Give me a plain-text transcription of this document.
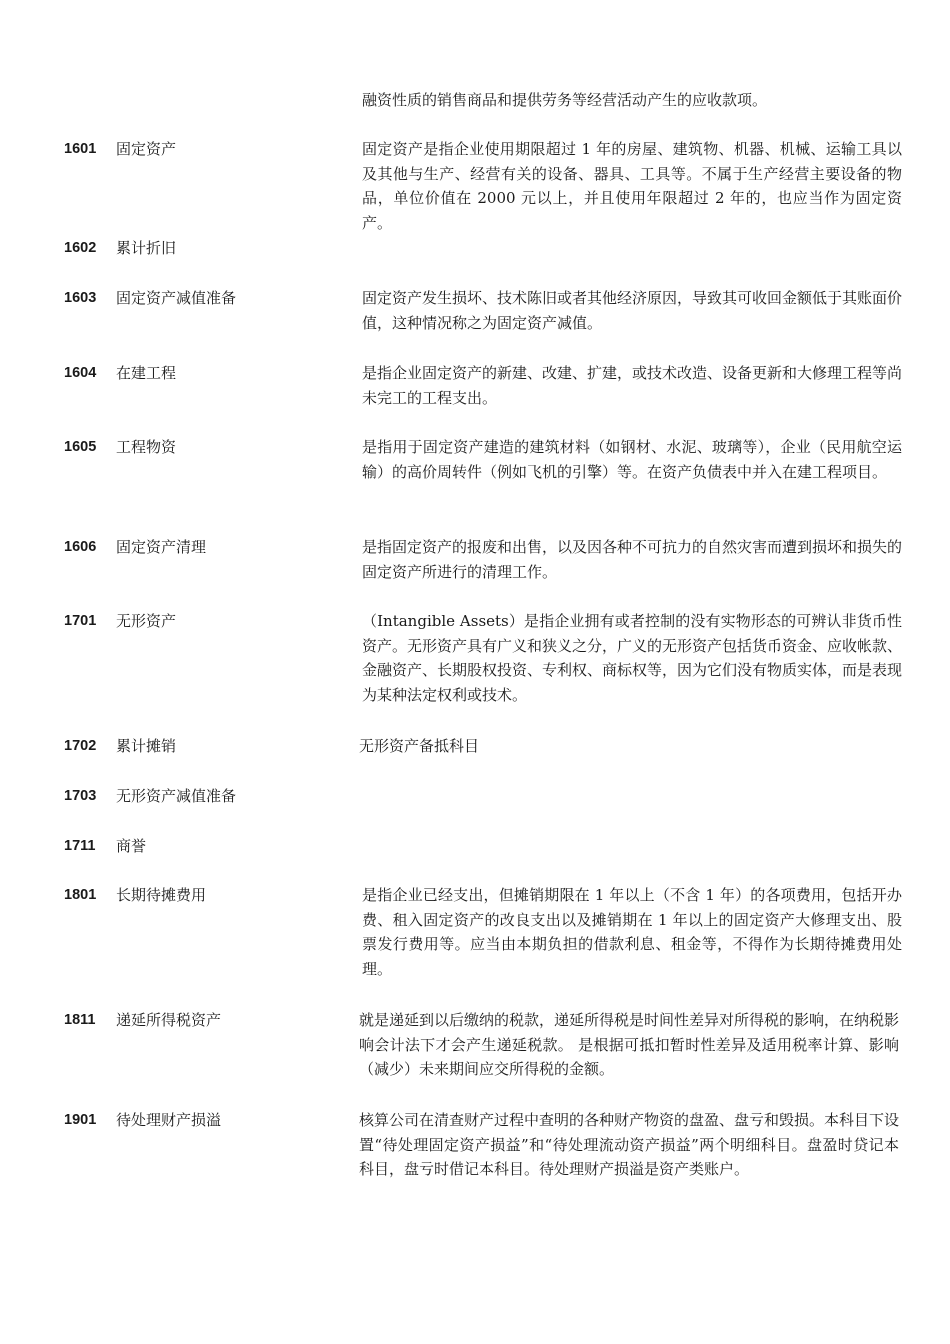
融资性质的销售商品和提供劳务等经营活动产生的应收款项。
1601 固定资产	固定资产是指企业使用期限超过 1 年的房屋、建筑物、机器、机械、运输工具以及其他与生产、经营有关的设备、器具、工具等。不属于生产经营主要设备的物品，单位价值在 2000 元以上，并且使用年限超过 2 年的，也应当作为固定资产。
1602 累计折旧
1603 固定资产减值准备	固定资产发生损坏、技术陈旧或者其他经济原因，导致其可收回金额低于其账面价值，这种情况称之为固定资产减值。
1604 在建工程	是指企业固定资产的新建、改建、扩建，或技术改造、设备更新和大修理工程等尚未完工的工程支出。
1605 工程物资	是指用于固定资产建造的建筑材料（如钢材、水泥、玻璃等），企业（民用航空运输）的高价周转件（例如飞机的引擎）等。在资产负债表中并入在建工程项目。
1606 固定资产清理	是指固定资产的报废和出售，以及因各种不可抗力的自然灾害而遭到损坏和损失的固定资产所进行的清理工作。
1701 无形资产	（Intangible Assets）是指企业拥有或者控制的没有实物形态的可辨认非货币性资产。无形资产具有广义和狭义之分，广义的无形资产包括货币资金、应收帐款、金融资产、长期股权投资、专利权、商标权等，因为它们没有物质实体，而是表现为某种法定权利或技术。
1702 累计摊销	无形资产备抵科目
1703 无形资产减值准备
1711 商誉
1801 长期待摊费用	是指企业已经支出，但摊销期限在 1 年以上（不含 1 年）的各项费用，包括开办费、租入固定资产的改良支出以及摊销期在 1 年以上的固定资产大修理支出、股票发行费用等。应当由本期负担的借款利息、租金等，不得作为长期待摊费用处理。
1811 递延所得税资产	就是递延到以后缴纳的税款，递延所得税是时间性差异对所得税的影响，在纳税影响会计法下才会产生递延税款。 是根据可抵扣暂时性差异及适用税率计算、影响（减少）未来期间应交所得税的金额。
1901 待处理财产损溢	核算公司在清查财产过程中查明的各种财产物资的盘盈、盘亏和毁损。本科目下设置“待处理固定资产损益”和“待处理流动资产损益”两个明细科目。盘盈时贷记本科目，盘亏时借记本科目。待处理财产损溢是资产类账户。
